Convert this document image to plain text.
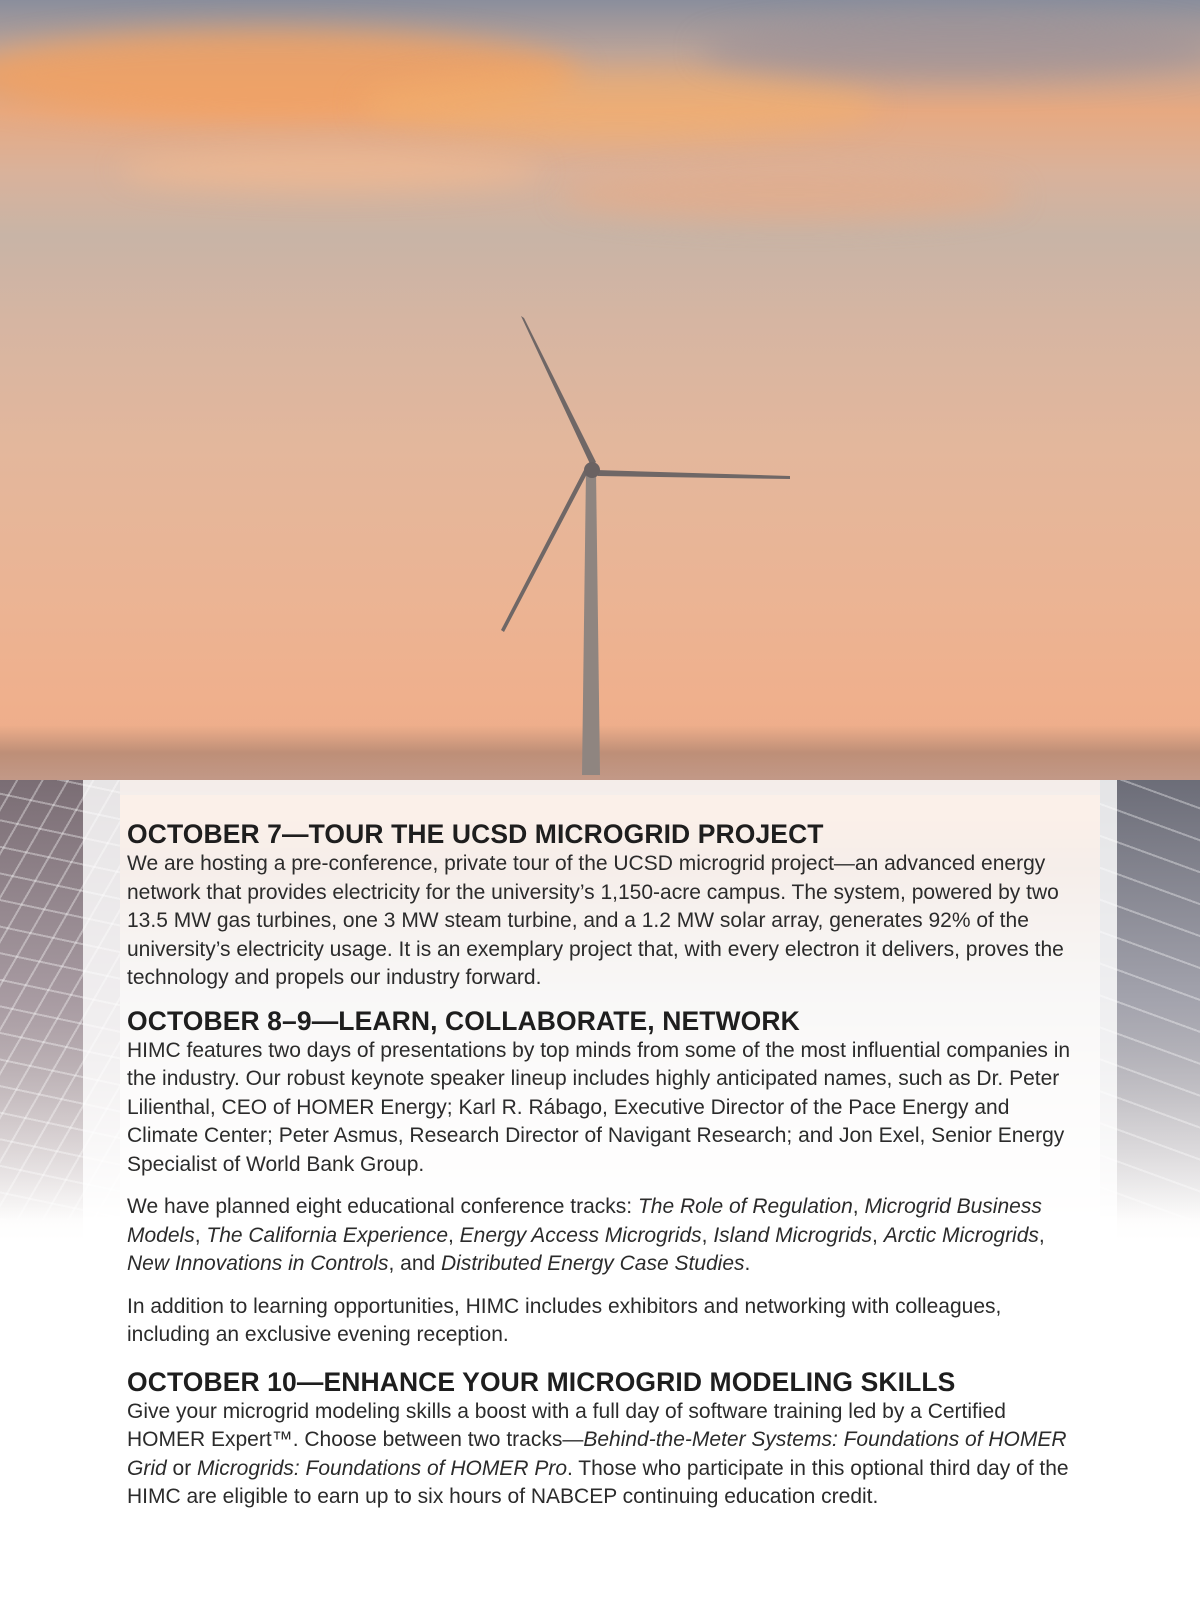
OCTOBER 7—TOUR THE UCSD MICROGRID PROJECT

We are hosting a pre-conference, private tour of the UCSD microgrid project—an advanced energy network that provides electricity for the university’s 1,150-acre campus. The system, powered by two 13.5 MW gas turbines, one 3 MW steam turbine, and a 1.2 MW solar array, generates 92% of the university’s electricity usage. It is an exemplary project that, with every electron it delivers, proves the technology and propels our industry forward.

OCTOBER 8–9—LEARN, COLLABORATE, NETWORK

HIMC features two days of presentations by top minds from some of the most influential companies in the industry. Our robust keynote speaker lineup includes highly anticipated names, such as Dr. Peter Lilienthal, CEO of HOMER Energy; Karl R. Rábago, Executive Director of the Pace Energy and Climate Center; Peter Asmus, Research Director of Navigant Research; and Jon Exel, Senior Energy Specialist of World Bank Group.

We have planned eight educational conference tracks: The Role of Regulation, Microgrid Business Models, The California Experience, Energy Access Microgrids, Island Microgrids, Arctic Microgrids, New Innovations in Controls, and Distributed Energy Case Studies.

In addition to learning opportunities, HIMC includes exhibitors and networking with colleagues, including an exclusive evening reception.

OCTOBER 10—ENHANCE YOUR MICROGRID MODELING SKILLS

Give your microgrid modeling skills a boost with a full day of software training led by a Certified HOMER Expert™. Choose between two tracks—Behind-the-Meter Systems: Foundations of HOMER Grid or Microgrids: Foundations of HOMER Pro. Those who participate in this optional third day of the HIMC are eligible to earn up to six hours of NABCEP continuing education credit.
